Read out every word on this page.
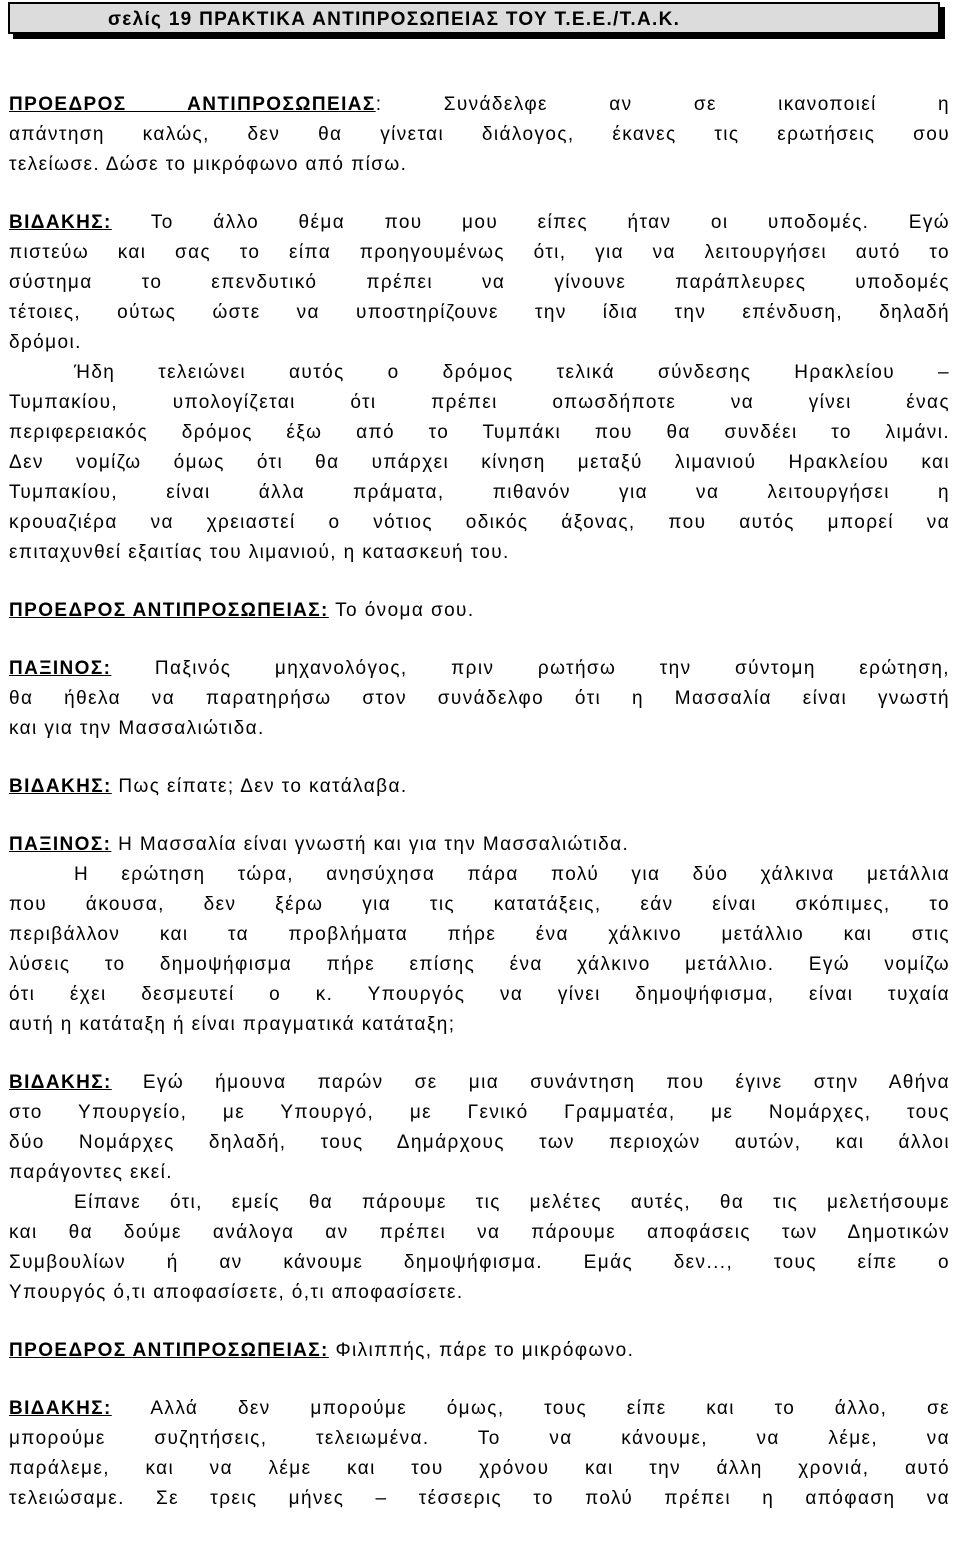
σελίς 19 ΠΡΑΚΤΙΚΑ ΑΝΤΙΠΡΟΣΩΠΕΙΑΣ ΤΟΥ Τ.Ε.Ε./Τ.Α.Κ.
ΠΡΟΕΔΡΟΣ ΑΝΤΙΠΡΟΣΩΠΕΙΑΣ: Συνάδελφε αν σε ικανοποιεί η
απάντηση καλώς, δεν θα γίνεται διάλογος, έκανες τις ερωτήσεις σου
τελείωσε. Δώσε το μικρόφωνο από πίσω.
ΒΙΔΑΚΗΣ: Το άλλο θέμα που μου είπες ήταν οι υποδομές. Εγώ
πιστεύω και σας το είπα προηγουμένως ότι, για να λειτουργήσει αυτό το
σύστημα το επενδυτικό πρέπει να γίνουνε παράπλευρες υποδομές
τέτοιες, ούτως ώστε να υποστηρίζουνε την ίδια την επένδυση, δηλαδή
δρόμοι.
Ήδη τελειώνει αυτός ο δρόμος τελικά σύνδεσης Ηρακλείου –
Τυμπακίου, υπολογίζεται ότι πρέπει οπωσδήποτε να γίνει ένας
περιφερειακός δρόμος έξω από το Τυμπάκι που θα συνδέει το λιμάνι.
Δεν νομίζω όμως ότι θα υπάρχει κίνηση μεταξύ λιμανιού Ηρακλείου και
Τυμπακίου, είναι άλλα πράματα, πιθανόν για να λειτουργήσει η
κρουαζιέρα να χρειαστεί ο νότιος οδικός άξονας, που αυτός μπορεί να
επιταχυνθεί εξαιτίας του λιμανιού, η κατασκευή του.
ΠΡΟΕΔΡΟΣ ΑΝΤΙΠΡΟΣΩΠΕΙΑΣ: Το όνομα σου.
ΠΑΞΙΝΟΣ: Παξινός μηχανολόγος, πριν ρωτήσω την σύντομη ερώτηση,
θα ήθελα να παρατηρήσω στον συνάδελφο ότι η Μασσαλία είναι γνωστή
και για την Μασσαλιώτιδα.
ΒΙΔΑΚΗΣ: Πως είπατε; Δεν το κατάλαβα.
ΠΑΞΙΝΟΣ: Η Μασσαλία είναι γνωστή και για την Μασσαλιώτιδα.
Η ερώτηση τώρα, ανησύχησα πάρα πολύ για δύο χάλκινα μετάλλια
που άκουσα, δεν ξέρω για τις κατατάξεις, εάν είναι σκόπιμες, το
περιβάλλον και τα προβλήματα πήρε ένα χάλκινο μετάλλιο και στις
λύσεις το δημοψήφισμα πήρε επίσης ένα χάλκινο μετάλλιο. Εγώ νομίζω
ότι έχει δεσμευτεί ο κ. Υπουργός να γίνει δημοψήφισμα, είναι τυχαία
αυτή η κατάταξη ή είναι πραγματικά κατάταξη;
ΒΙΔΑΚΗΣ: Εγώ ήμουνα παρών σε μια συνάντηση που έγινε στην Αθήνα
στο Υπουργείο, με Υπουργό, με Γενικό Γραμματέα, με Νομάρχες, τους
δύο Νομάρχες δηλαδή, τους Δημάρχους των περιοχών αυτών, και άλλοι
παράγοντες εκεί.
Είπανε ότι, εμείς θα πάρουμε τις μελέτες αυτές, θα τις μελετήσουμε
και θα δούμε ανάλογα αν πρέπει να πάρουμε αποφάσεις των Δημοτικών
Συμβουλίων ή αν κάνουμε δημοψήφισμα. Εμάς δεν..., τους είπε ο
Υπουργός ό,τι αποφασίσετε, ό,τι αποφασίσετε.
ΠΡΟΕΔΡΟΣ ΑΝΤΙΠΡΟΣΩΠΕΙΑΣ: Φιλιππής, πάρε το μικρόφωνο.
ΒΙΔΑΚΗΣ: Αλλά δεν μπορούμε όμως, τους είπε και το άλλο, σε
μπορούμε συζητήσεις, τελειωμένα. Το να κάνουμε, να λέμε, να
παράλεμε, και να λέμε και του χρόνου και την άλλη χρονιά, αυτό
τελειώσαμε. Σε τρεις μήνες – τέσσερις το πολύ πρέπει η απόφαση να
